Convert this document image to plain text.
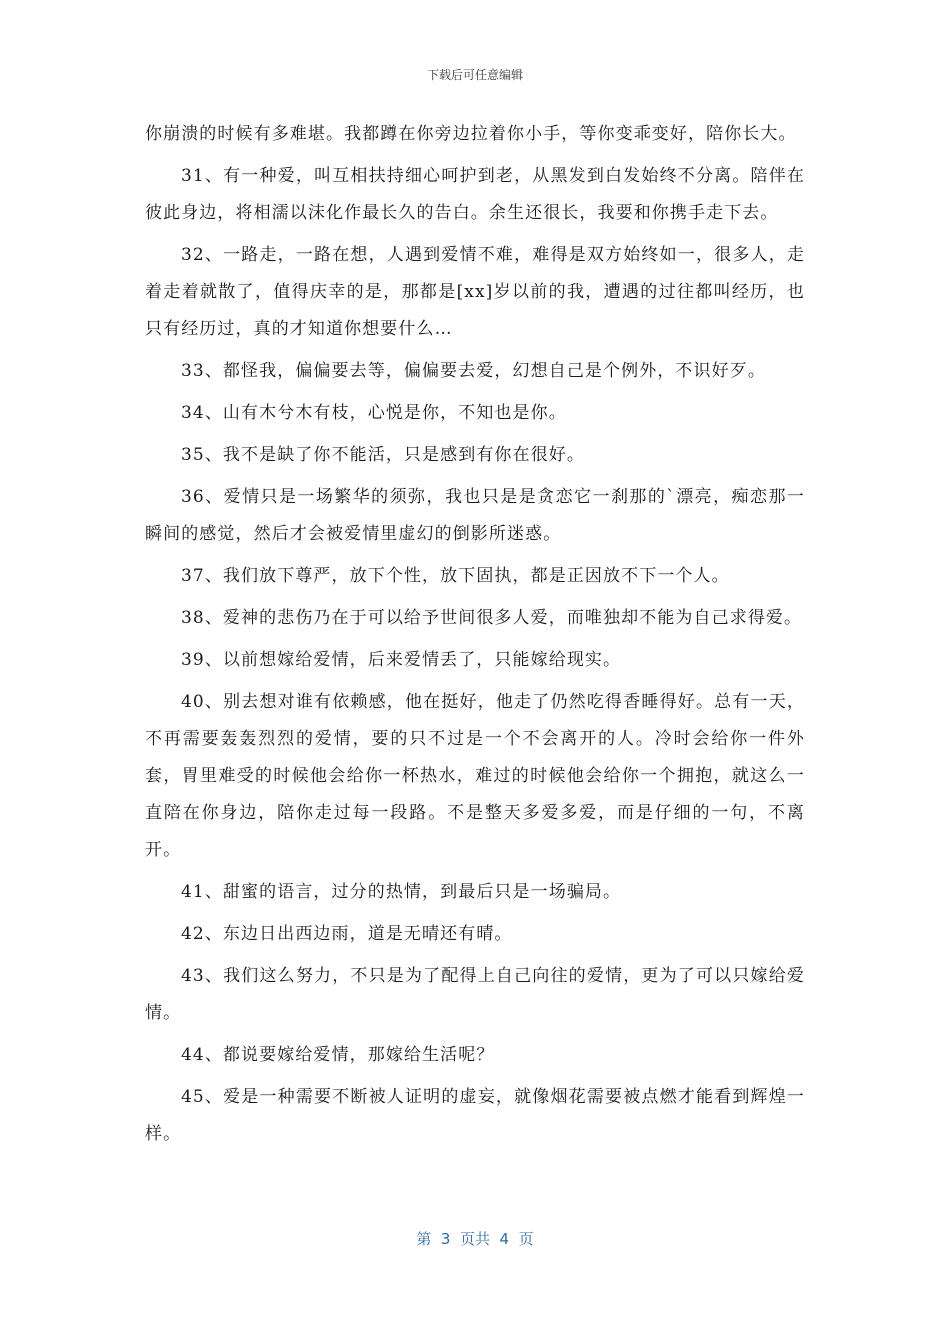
下载后可任意编辑

你崩溃的时候有多难堪。我都蹲在你旁边拉着你小手，等你变乖变好，陪你长大。

31、有一种爱，叫互相扶持细心呵护到老，从黑发到白发始终不分离。陪伴在彼此身边，将相濡以沫化作最长久的告白。余生还很长，我要和你携手走下去。

32、一路走，一路在想，人遇到爱情不难，难得是双方始终如一，很多人，走着走着就散了，值得庆幸的是，那都是[xx]岁以前的我，遭遇的过往都叫经历，也只有经历过，真的才知道你想要什么…

33、都怪我，偏偏要去等，偏偏要去爱，幻想自己是个例外，不识好歹。

34、山有木兮木有枝，心悦是你，不知也是你。

35、我不是缺了你不能活，只是感到有你在很好。

36、爱情只是一场繁华的须弥，我也只是是贪恋它一刹那的`漂亮，痴恋那一瞬间的感觉，然后才会被爱情里虚幻的倒影所迷惑。

37、我们放下尊严，放下个性，放下固执，都是正因放不下一个人。

38、爱神的悲伤乃在于可以给予世间很多人爱，而唯独却不能为自己求得爱。

39、以前想嫁给爱情，后来爱情丢了，只能嫁给现实。

40、别去想对谁有依赖感，他在挺好，他走了仍然吃得香睡得好。总有一天，不再需要轰轰烈烈的爱情，要的只不过是一个不会离开的人。冷时会给你一件外套，胃里难受的时候他会给你一杯热水，难过的时候他会给你一个拥抱，就这么一直陪在你身边，陪你走过每一段路。不是整天多爱多爱，而是仔细的一句，不离开。

41、甜蜜的语言，过分的热情，到最后只是一场骗局。

42、东边日出西边雨，道是无晴还有晴。

43、我们这么努力，不只是为了配得上自己向往的爱情，更为了可以只嫁给爱情。

44、都说要嫁给爱情，那嫁给生活呢？

45、爱是一种需要不断被人证明的虚妄，就像烟花需要被点燃才能看到辉煌一样。

第  3  页共  4  页
